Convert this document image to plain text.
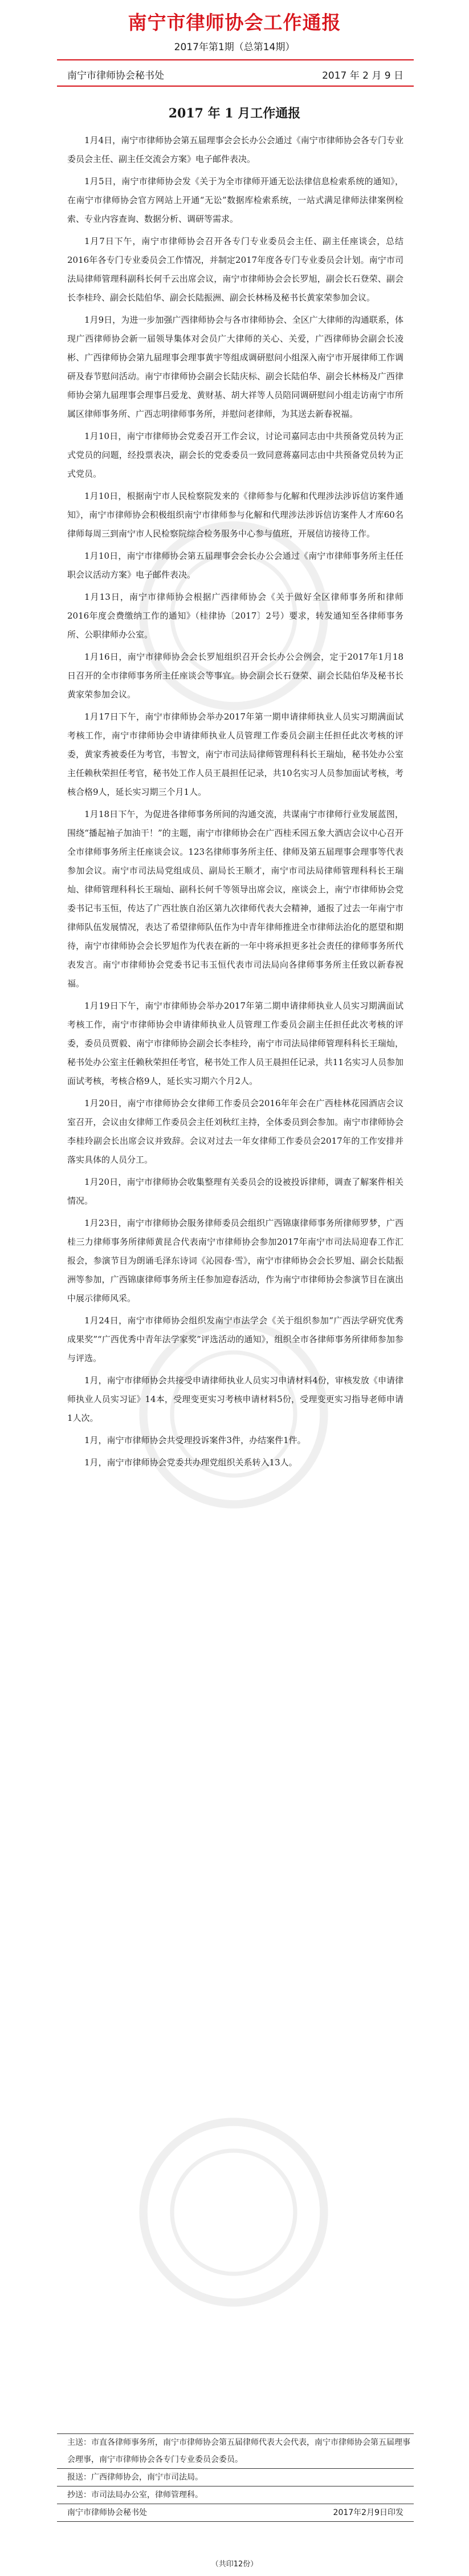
南宁市律师协会工作通报
2017年第1期（总第14期）
南宁市律师协会秘书处	2017 年 2 月 9 日
2017 年 1 月工作通报

1月4日，南宁市律师协会第五届理事会会长办公会通过《南宁市律师协会各专门专业委员会主任、副主任交流会方案》电子邮件表决。

1月5日，南宁市律师协会发《关于为全市律师开通无讼法律信息检索系统的通知》，在南宁市律师协会官方网站上开通“无讼”数据库检索系统，一站式满足律师法律案例检索、专业内容查询、数据分析、调研等需求。

1月7日下午，南宁市律师协会召开各专门专业委员会主任、副主任座谈会，总结2016年各专门专业委员会工作情况，并制定2017年度各专门专业委员会计划。南宁市司法局律师管理科副科长何千云出席会议，南宁市律师协会会长罗旭，副会长石登荣、副会长李桂玲、副会长陆伯华、副会长陆振洲、副会长林杨及秘书长黄家荣参加会议。

1月9日，为进一步加强广西律师协会与各市律师协会、全区广大律师的沟通联系，体现广西律师协会新一届领导集体对会员广大律师的关心、关爱，广西律师协会副会长凌彬、广西律师协会第九届理事会理事黄宇等组成调研慰问小组深入南宁市开展律师工作调研及春节慰问活动。南宁市律师协会副会长陆庆标、副会长陆伯华、副会长林杨及广西律师协会第九届理事会理事吕爱龙、黄财基、胡大祥等人员陪同调研慰问小组走访南宁市所属区律师事务所、广西志明律师事务所，并慰问老律师，为其送去新春祝福。

1月10日，南宁市律师协会党委召开工作会议，讨论司嘉同志由中共预备党员转为正式党员的问题，经投票表决，副会长的党委委员一致同意蒋嘉同志由中共预备党员转为正式党员。

1月10日，根据南宁市人民检察院发来的《律师参与化解和代理涉法涉诉信访案件通知》，南宁市律师协会积极组织南宁市律师参与化解和代理涉法涉诉信访案件人才库60名律师每周三到南宁市人民检察院综合检务服务中心参与值班，开展信访接待工作。

1月10日，南宁市律师协会第五届理事会会长办公会通过《南宁市律师事务所主任任职会议活动方案》电子邮件表决。

1月13日，南宁市律师协会根据广西律师协会《关于做好全区律师事务所和律师2016年度会费缴纳工作的通知》（桂律协〔2017〕2号）要求，转发通知至各律师事务所、公职律师办公室。

1月16日，南宁市律师协会会长罗旭组织召开会长办公会例会，定于2017年1月18日召开的全市律师事务所主任座谈会等事宜。协会副会长石登荣、副会长陆伯华及秘书长黄家荣参加会议。

1月17日下午，南宁市律师协会举办2017年第一期申请律师执业人员实习期满面试考核工作，南宁市律师协会申请律师执业人员管理工作委员会副主任担任此次考核的评委，黄家秀被委任为考官，韦智文，南宁市司法局律师管理科科长王瑞灿，秘书处办公室主任赖秋荣担任考官，秘书处工作人员王晨担任记录，共10名实习人员参加面试考核，考核合格9人，延长实习期三个月1人。

1月18日下午，为促进各律师事务所间的沟通交流，共谋南宁市律师行业发展蓝图，围绕“播起袖子加油干！”的主题，南宁市律师协会在广西桂禾园五象大酒店会议中心召开全市律师事务所主任座谈会议。123名律师事务所主任、律师及第五届理事会理事等代表参加会议。南宁市司法局党组成员、副局长王顺才，南宁市司法局律师管理科科长王瑞灿、律师管理科科长王瑞灿、副科长何千等领导出席会议，座谈会上，南宁市律师协会党委书记韦玉恒，传达了广西壮族自治区第九次律师代表大会精神，通报了过去一年南宁市律师队伍发展情况，表达了希望律师队伍作为中青年律师推进全市律师法治化的愿望和期待，南宁市律师协会会长罗旭作为代表在新的一年中将承担更多社会责任的律师事务所代表发言。南宁市律师协会党委书记韦玉恒代表市司法局向各律师事务所主任致以新春祝福。

1月19日下午，南宁市律师协会举办2017年第二期申请律师执业人员实习期满面试考核工作，南宁市律师协会申请律师执业人员管理工作委员会副主任担任此次考核的评委，委员员贾毅、南宁市律师协会副会长李桂玲，南宁市司法局律师管理科科长王瑞灿，秘书处办公室主任赖秋荣担任考官，秘书处工作人员王晨担任记录，共11名实习人员参加面试考核，考核合格9人，延长实习期六个月2人。

1月20日，南宁市律师协会女律师工作委员会2016年年会在广西桂林花园酒店会议室召开，会议由女律师工作委员会主任刘秋红主持，全体委员到会参加。南宁市律师协会李桂玲副会长出席会议并致辞。会议对过去一年女律师工作委员会2017年的工作安排并落实具体的人员分工。

1月20日，南宁市律师协会收集整理有关委员会的设被投诉律师，调查了解案件相关情况。

1月23日，南宁市律师协会服务律师委员会组织广西锦康律师事务所律师罗梦，广西桂三力律师事务所律师黄昆合代表南宁市律师协会参加2017年南宁市司法局迎春工作汇报会，参演节目为朗诵毛泽东诗词《沁园春·雪》，南宁市律师协会会长罗旭、副会长陆振洲等参加，广西锦康律师事务所主任参加迎春活动，作为南宁市律师协会参演节目在演出中展示律师风采。

1月24日，南宁市律师协会组织发南宁市法学会《关于组织参加“广西法学研究优秀成果奖”“广西优秀中青年法学家奖”评选活动的通知》，组织全市各律师事务所律师参加参与评选。

1月，南宁市律师协会共接受申请律师执业人员实习申请材料4份，审核发放《申请律师执业人员实习证》14本，受理变更实习考核申请材料5份，受理变更实习指导老师申请1人次。

1月，南宁市律师协会共受理投诉案件3件，办结案件1件。

1月，南宁市律师协会党委共办理党组织关系转入13人。

主送：市直各律师事务所，南宁市律师协会第五届律师代表大会代表，南宁市律师协会第五届理事会理事，南宁市律师协会各专门专业委员会委员。
报送：广西律师协会，南宁市司法局。
抄送：市司法局办公室，律师管理科。
南宁市律师协会秘书处	2017年2月9日印发
（共印12份）
